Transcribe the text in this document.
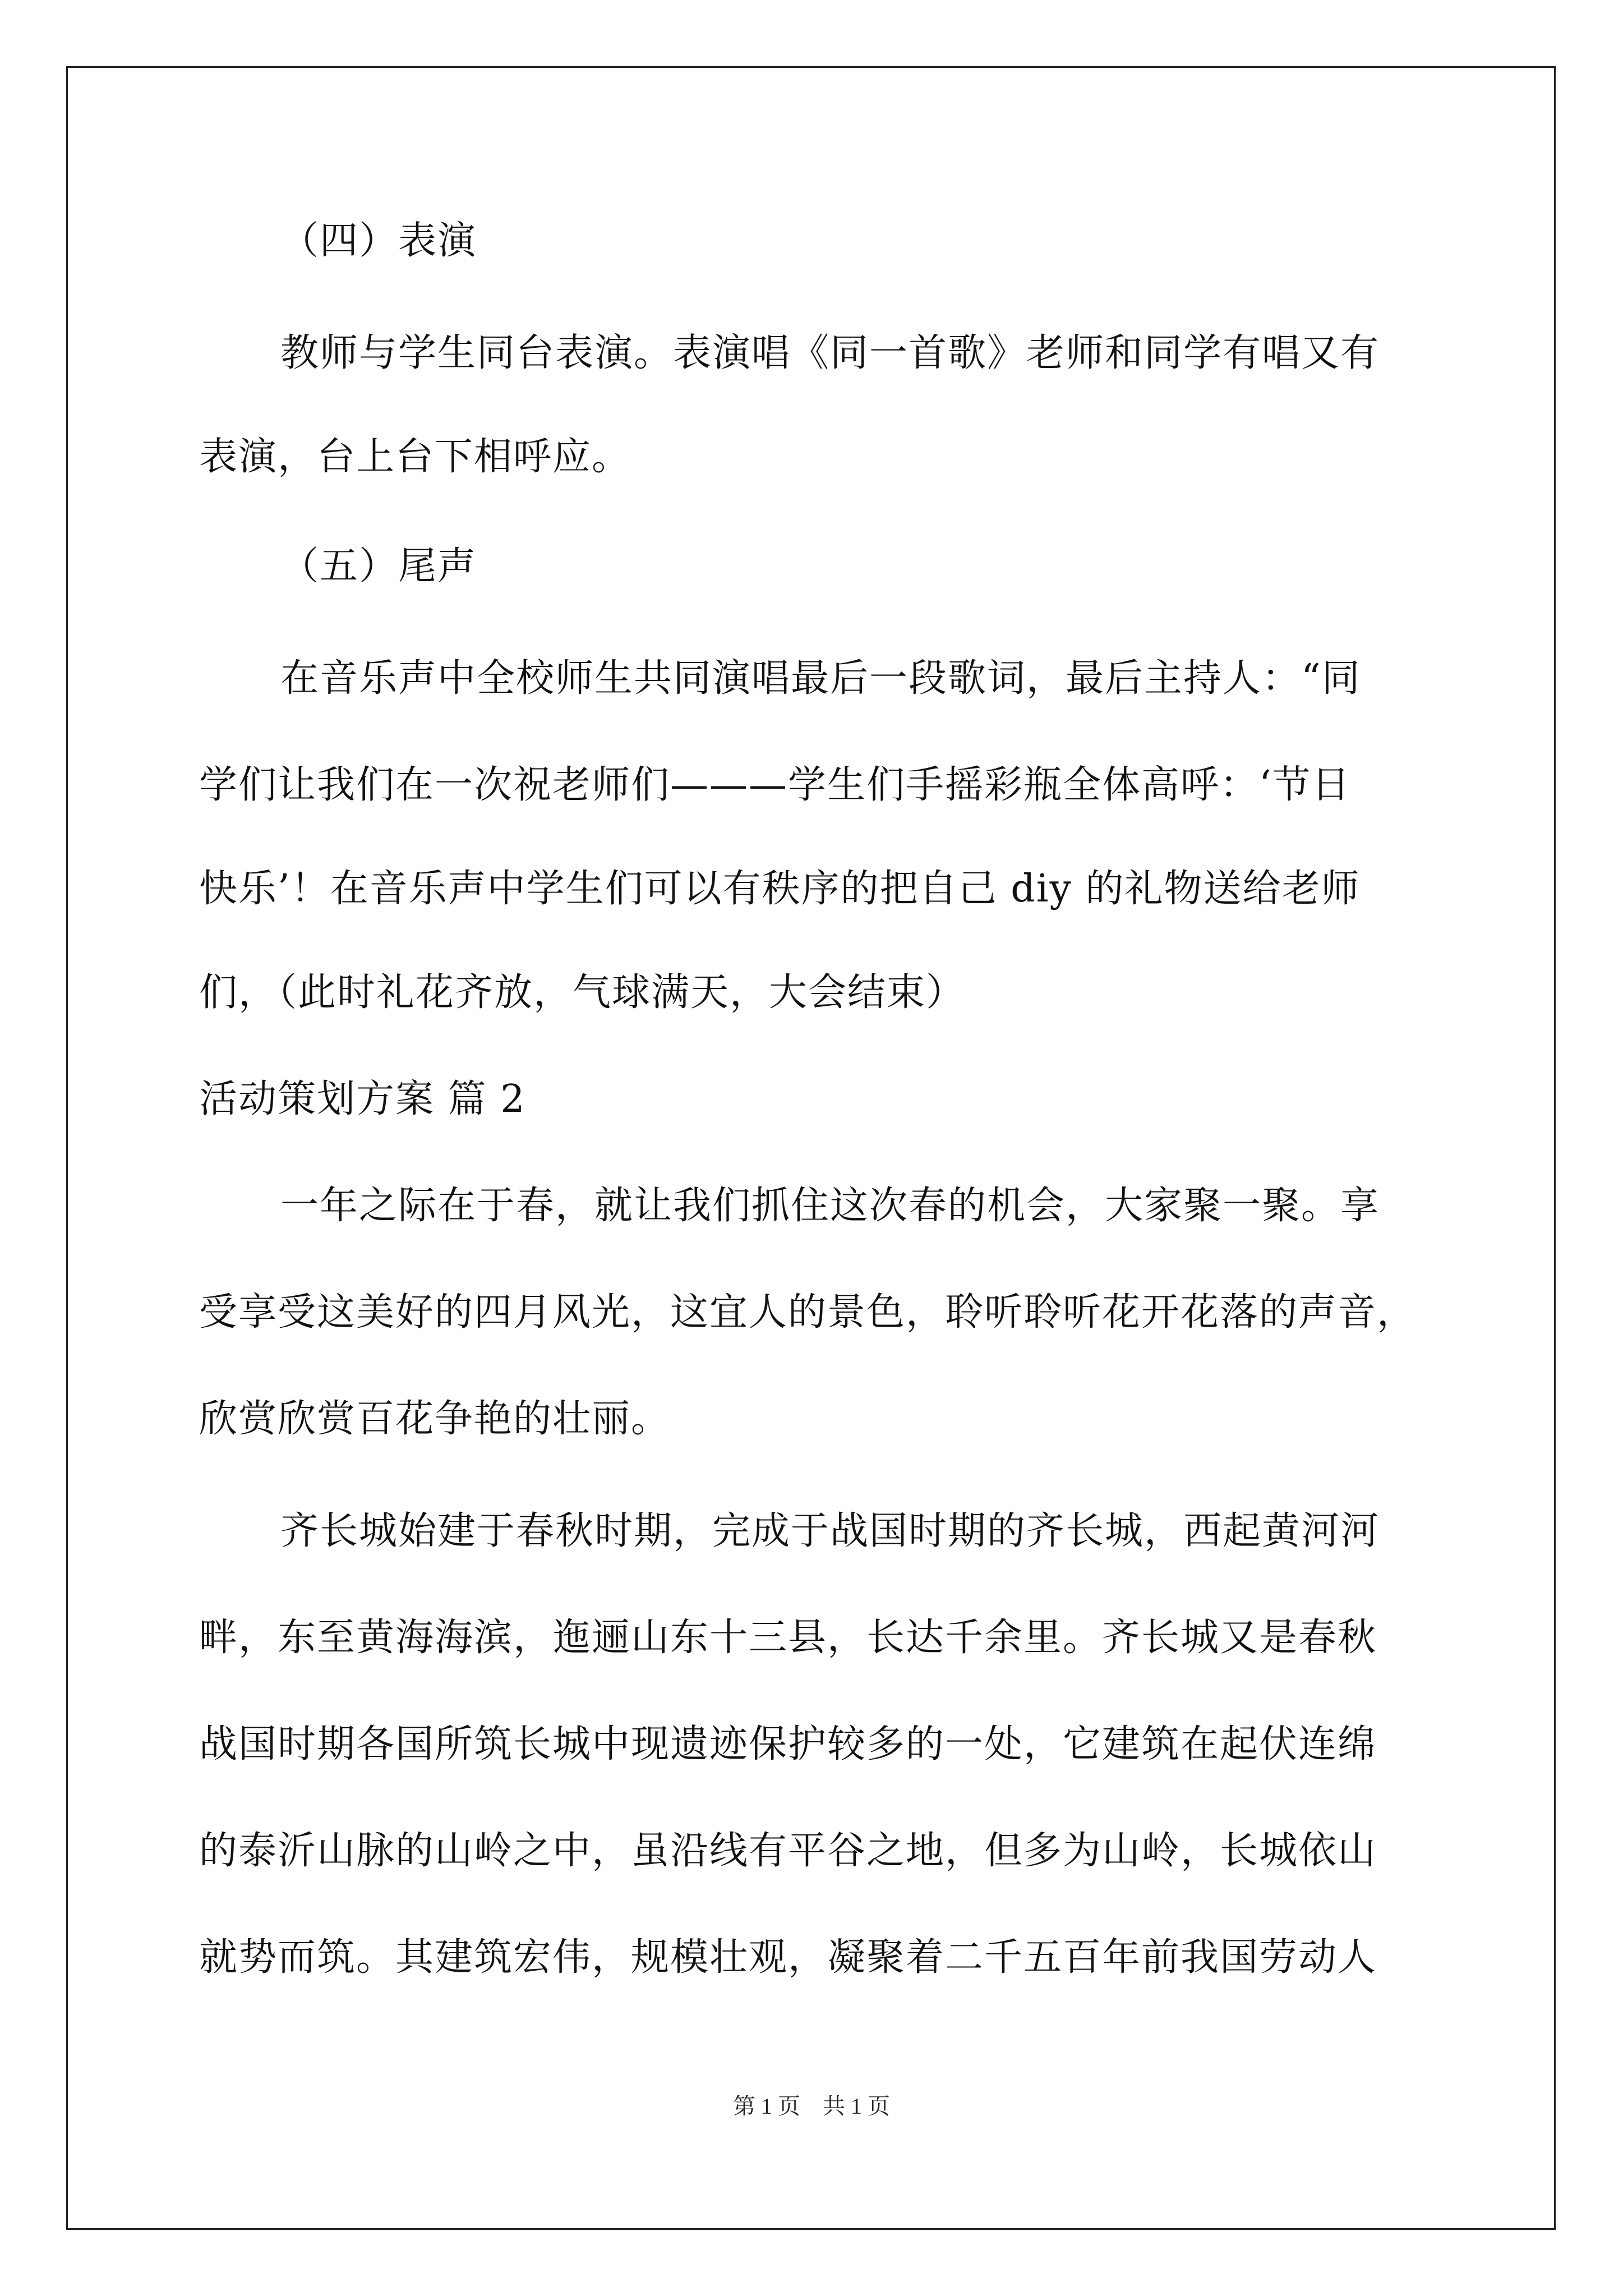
（四）表演
教师与学生同台表演。表演唱《同一首歌》老师和同学有唱又有
表演，台上台下相呼应。
（五）尾声
在音乐声中全校师生共同演唱最后一段歌词，最后主持人：“同
学们让我们在一次祝老师们———学生们手摇彩瓶全体高呼：‘节日
快乐’！在音乐声中学生们可以有秩序的把自己 diy 的礼物送给老师
们，（此时礼花齐放，气球满天，大会结束）
活动策划方案 篇 2
一年之际在于春，就让我们抓住这次春的机会，大家聚一聚。享
受享受这美好的四月风光，这宜人的景色，聆听聆听花开花落的声音，
欣赏欣赏百花争艳的壮丽。
齐长城始建于春秋时期，完成于战国时期的齐长城，西起黄河河
畔，东至黄海海滨，迤逦山东十三县，长达千余里。齐长城又是春秋
战国时期各国所筑长城中现遗迹保护较多的一处，它建筑在起伏连绵
的泰沂山脉的山岭之中，虽沿线有平谷之地，但多为山岭，长城依山
就势而筑。其建筑宏伟，规模壮观，凝聚着二千五百年前我国劳动人
第 1 页　共 1 页
